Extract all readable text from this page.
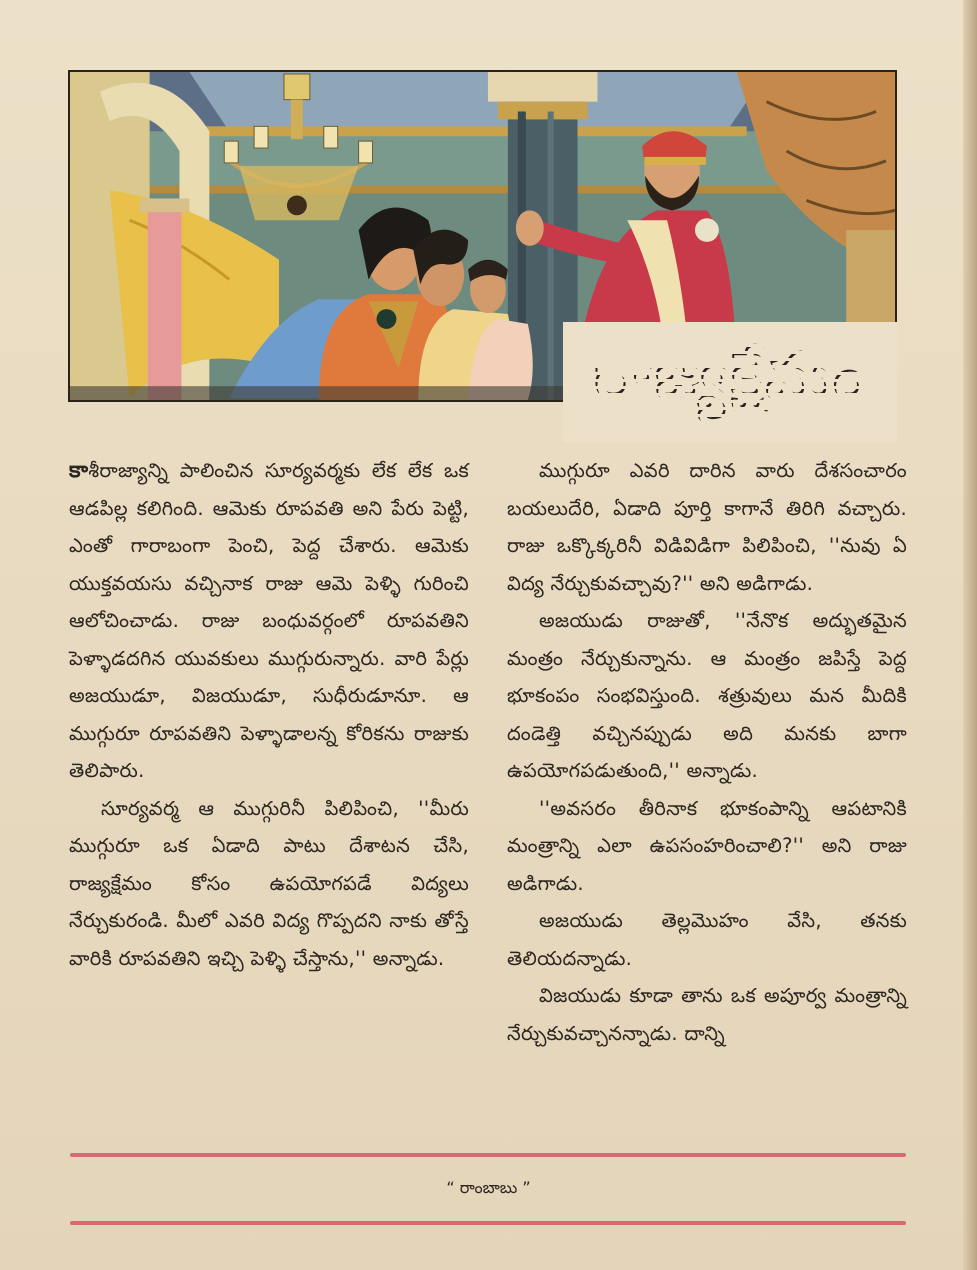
రాజ్యక్షేమం

కాశీరాజ్యాన్ని పాలించిన సూర్యవర్మకు లేక లేక ఒక ఆడపిల్ల కలిగింది. ఆమెకు రూపవతి అని పేరు పెట్టి, ఎంతో గారాబంగా పెంచి, పెద్ద చేశారు. ఆమెకు యుక్తవయసు వచ్చినాక రాజు ఆమె పెళ్ళి గురించి ఆలోచించాడు. రాజు బంధువర్గంలో రూపవతిని పెళ్ళాడదగిన యువకులు ముగ్గురున్నారు. వారి పేర్లు అజయుడూ, విజయుడూ, సుధీరుడూనూ. ఆ ముగ్గురూ రూపవతిని పెళ్ళాడాలన్న కోరికను రాజుకు తెలిపారు.

సూర్యవర్మ ఆ ముగ్గురినీ పిలిపించి, ''మీరు ముగ్గురూ ఒక ఏడాది పాటు దేశాటన చేసి, రాజ్యక్షేమం కోసం ఉపయోగపడే విద్యలు నేర్చుకురండి. మీలో ఎవరి విద్య గొప్పదని నాకు తోస్తే వారికి రూపవతిని ఇచ్చి పెళ్ళి చేస్తాను,'' అన్నాడు.

ముగ్గురూ ఎవరి దారిన వారు దేశసంచారం బయలుదేరి, ఏడాది పూర్తి కాగానే తిరిగి వచ్చారు. రాజు ఒక్కొక్కరినీ విడివిడిగా పిలిపించి, ''నువు ఏ విద్య నేర్చుకువచ్చావు?'' అని అడిగాడు.

అజయుడు రాజుతో, ''నేనొక అద్భుతమైన మంత్రం నేర్చుకున్నాను. ఆ మంత్రం జపిస్తే పెద్ద భూకంపం సంభవిస్తుంది. శత్రువులు మన మీదికి దండెత్తి వచ్చినప్పుడు అది మనకు బాగా ఉపయోగపడుతుంది,'' అన్నాడు.

''అవసరం తీరినాక భూకంపాన్ని ఆపటానికి మంత్రాన్ని ఎలా ఉపసంహరించాలి?'' అని రాజు అడిగాడు.

అజయుడు తెల్లమొహం వేసి, తనకు తెలియదన్నాడు.

విజయుడు కూడా తాను ఒక అపూర్వ మంత్రాన్ని నేర్చుకువచ్చానన్నాడు. దాన్ని

“ రాంబాబు ”
